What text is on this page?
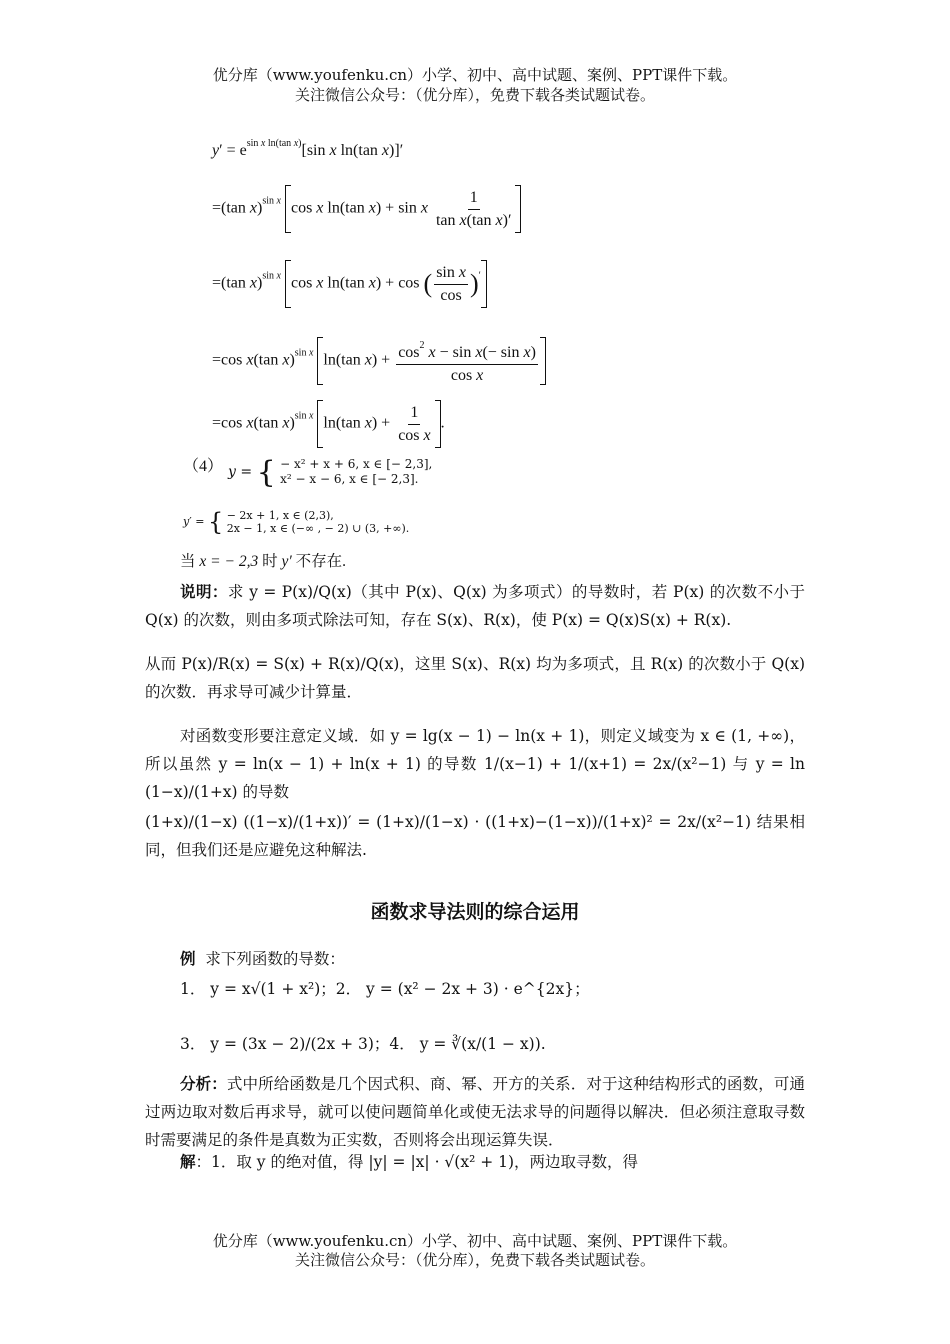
优分库（www.youfenku.cn）小学、初中、高中试题、案例、PPT课件下载。
关注微信公众号：（优分库），免费下载各类试题试卷。
$y' = e^{sin x ln(tan x)}[\sin$ x ln(tan x)]′
=(tan x)$^{sin x}$ cos x ln(tan x) + sin x $\frac{1}{\text{tan x(tan x)′}}$
=(tan x)$^{sin x}$ cos x ln(tan x) + cos ( $\frac{\text{sin x}}{\cos} )'$
=cos x(tan x)$^{sin x}$ ln(tan $x) + \frac{\cos^2 x - \sin x(- \sin x)}{\text{cos x}}$
=cos x(tan x)$^{sin x}$ ln(tan $x) + \frac{1}{\text{cos x}}$ .
（4） y = { − x² + x + 6, x ∈ [− 2,3],
x² − x − 6, x ∈ [− 2,3].
y′ = { − 2x + 1, x ∈ (2,3),
2x − 1, x ∈ (−∞ , − 2) ∪ (3, +∞).
当 x = − 2,3 时 y′ 不存在.
说明：求 y = P(x)/Q(x)（其中 P(x)、Q(x) 为多项式）的导数时，若 P(x) 的次数不小于 Q(x) 的次数，则由多项式除法可知，存在 S(x)、R(x)，使 P(x) = Q(x)S(x) + R(x).
从而 P(x)/R(x) = S(x) + R(x)/Q(x)，这里 S(x)、R(x) 均为多项式，且 R(x) 的次数小于 Q(x) 的次数．再求导可减少计算量．
对函数变形要注意定义域．如 y = lg(x − 1) − ln(x + 1)，则定义域变为 x ∈ (1, +∞)，所以虽然 y = ln(x − 1) + ln(x + 1) 的导数 1/(x−1) + 1/(x+1) = 2x/(x²−1) 与 y = ln (1−x)/(1+x) 的导数
(1+x)/(1−x) ((1−x)/(1+x))′ = (1+x)/(1−x) · ((1+x)−(1−x))/(1+x)² = 2x/(x²−1) 结果相同，但我们还是应避免这种解法.
函数求导法则的综合运用
例 求下列函数的导数：
1． y = x√(1 + x²)；2． y = (x² − 2x + 3) · e^{2x}；
3． y = (3x − 2)/(2x + 3)；4． y = ∛(x/(1 − x)).
分析：式中所给函数是几个因式积、商、幂、开方的关系．对于这种结构形式的函数，可通过两边取对数后再求导，就可以使问题简单化或使无法求导的问题得以解决．但必须注意取寻数时需要满足的条件是真数为正实数，否则将会出现运算失误．
解：1．取 y 的绝对值，得 |y| = |x| · √(x² + 1)，两边取寻数，得
优分库（www.youfenku.cn）小学、初中、高中试题、案例、PPT课件下载。
关注微信公众号：（优分库），免费下载各类试题试卷。
y′ = e^{sin x ln(tan x)} [sin x ln(tan x)]′ = (tan x)^{sin x} [cos x ln(tan x) + sin x · 1/(tan x (tan x)′)] = (tan x)^{sin x} [cos x ln(tan x) + cos (sin x / cos)′] = cos x (tan x)^{sin x} [ln(tan x) + (cos² x − sin x(− sin x)) / cos x] = cos x (tan x)^{sin x} [ln(tan x) + 1 / cos x].
